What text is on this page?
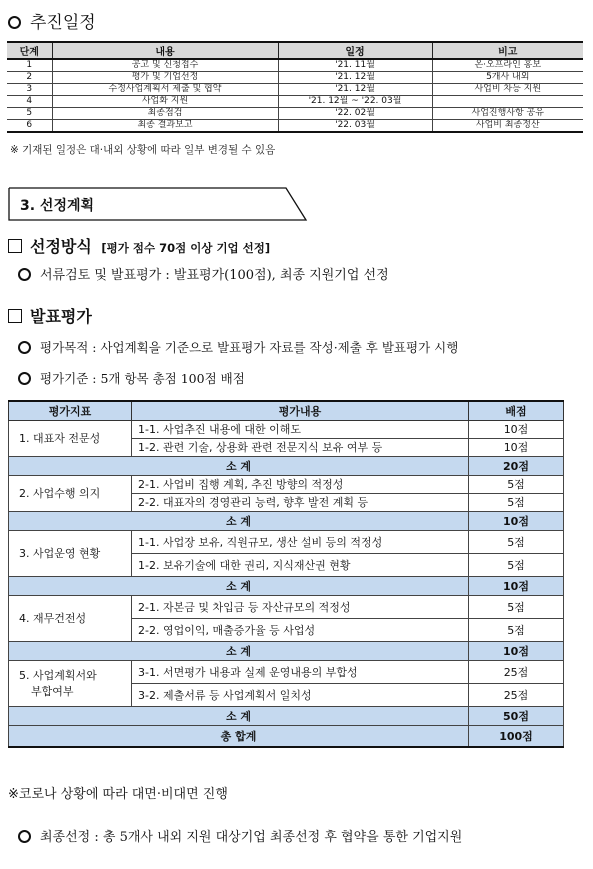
추진일정
단계	내용	일정	비고
1	공고 및 신청접수	'21. 11월	온·오프라인 홍보
2	평가 및 기업선정	'21. 12월	5개사 내외
3	수정사업계획서 제출 및 협약	'21. 12월	사업비 차등 지원
4	사업화 지원	'21. 12월 ~ '22. 03월	
5	최종점검	'22. 02월	사업진행사항 공유
6	최종 결과보고	'22. 03월	사업비 최종정산
※ 기재된 일정은 대·내외 상황에 따라 일부 변경될 수 있음
3. 선정계획
선정방식 [평가 점수 70점 이상 기업 선정]
서류검토 및 발표평가 : 발표평가(100점), 최종 지원기업 선정
발표평가
평가목적 : 사업계획을 기준으로 발표평가 자료를 작성·제출 후 발표평가 시행
평가기준 : 5개 항목 총점 100점 배점
평가지표	평가내용	배점
1. 대표자 전문성	1-1. 사업추진 내용에 대한 이해도	10점
	1-2. 관련 기술, 상용화 관련 전문지식 보유 여부 등	10점
소 계		20점
2. 사업수행 의지	2-1. 사업비 집행 계획, 추진 방향의 적정성	5점
	2-2. 대표자의 경영관리 능력, 향후 발전 계획 등	5점
소 계		10점
3. 사업운영 현황	1-1. 사업장 보유, 직원규모, 생산 설비 등의 적정성	5점
	1-2. 보유기술에 대한 권리, 지식재산권 현황	5점
소 계		10점
4. 재무건전성	2-1. 자본금 및 차입금 등 자산규모의 적정성	5점
	2-2. 영업이익, 매출증가율 등 사업성	5점
소 계		10점
5. 사업계획서와
부합여부	3-1. 서면평가 내용과 실제 운영내용의 부합성	25점
	3-2. 제출서류 등 사업계획서 일치성	25점
소 계		50점
총 합계		100점
※코로나 상황에 따라 대면·비대면 진행
최종선정 : 총 5개사 내외 지원 대상기업 최종선정 후 협약을 통한 기업지원
